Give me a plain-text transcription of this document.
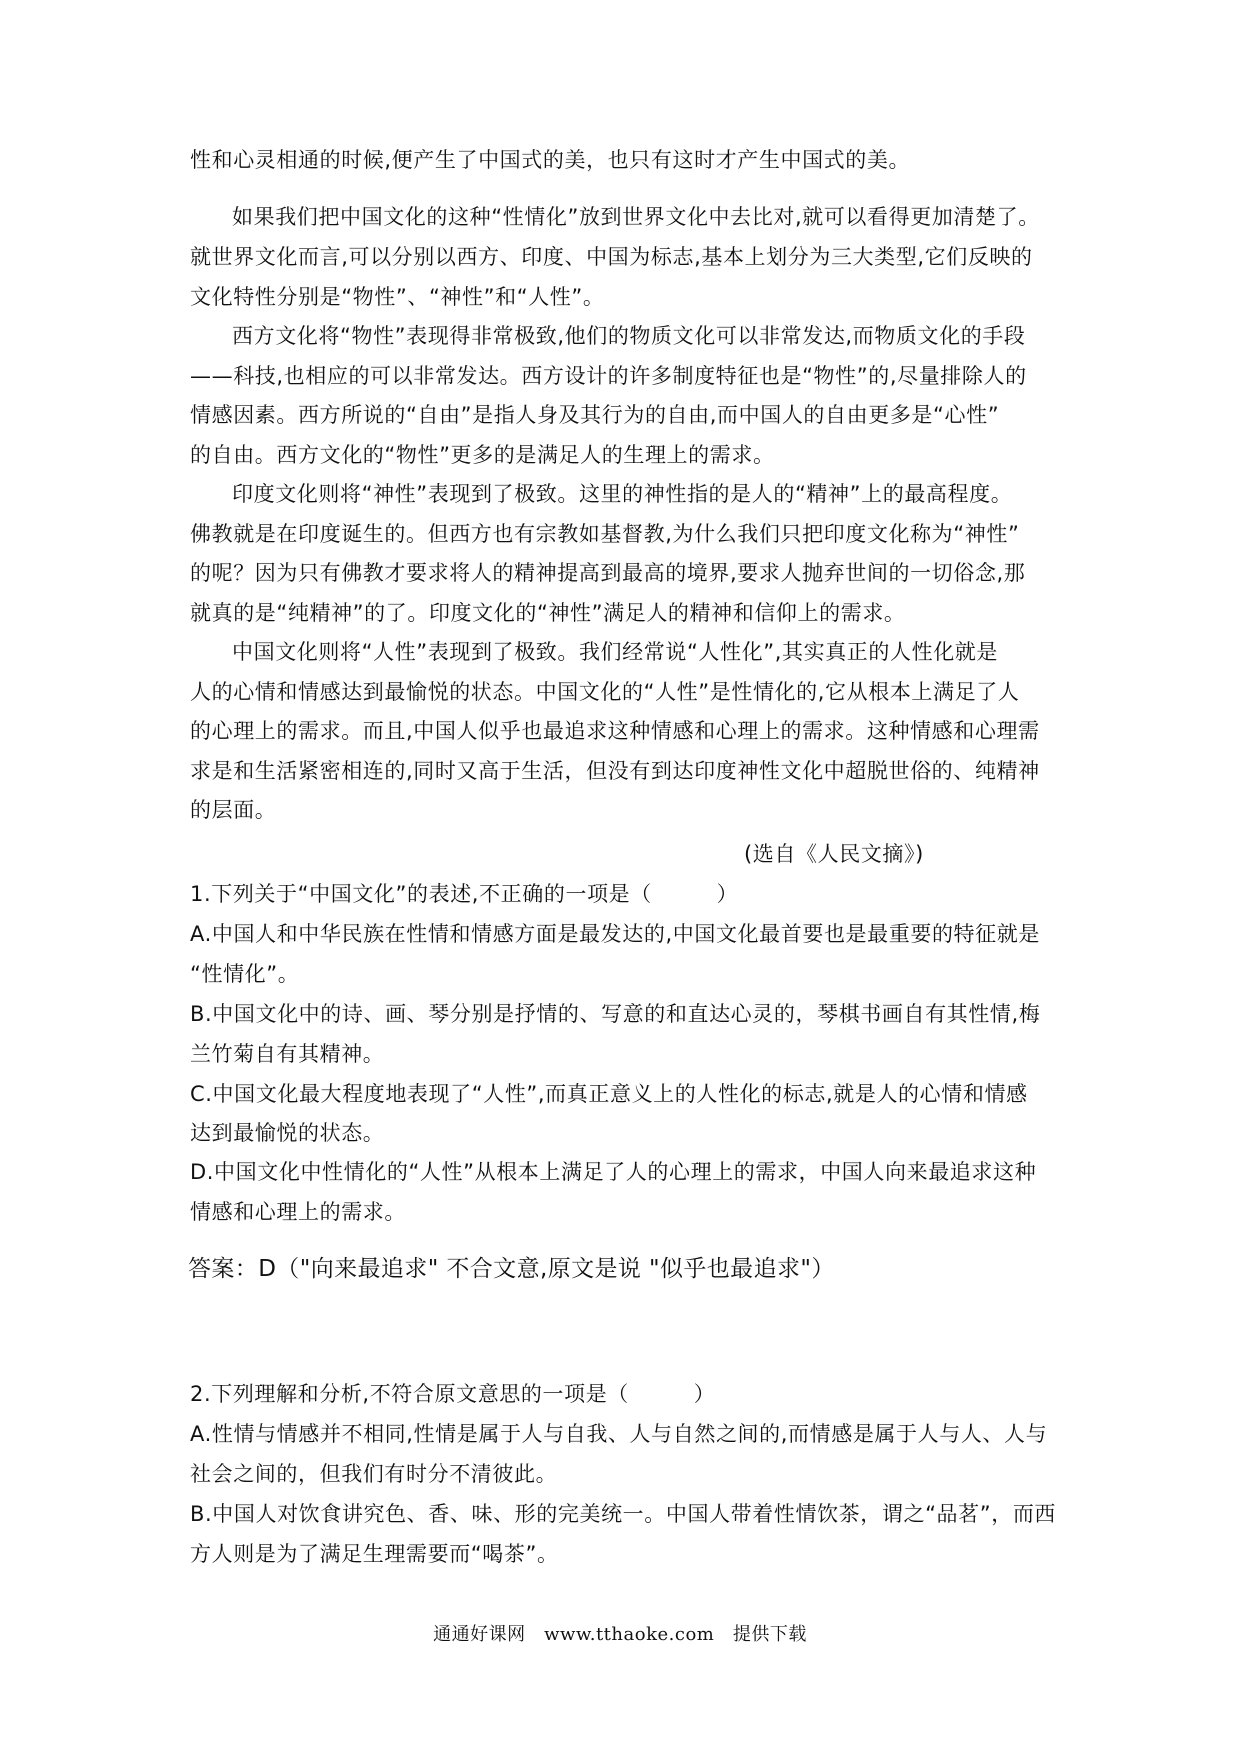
性和心灵相通的时候,便产生了中国式的美，也只有这时才产生中国式的美。
如果我们把中国文化的这种“性情化”放到世界文化中去比对,就可以看得更加清楚了。
就世界文化而言,可以分别以西方、印度、中国为标志,基本上划分为三大类型,它们反映的
文化特性分别是“物性”、“神性”和“人性”。
西方文化将“物性”表现得非常极致,他们的物质文化可以非常发达,而物质文化的手段
——科技,也相应的可以非常发达。西方设计的许多制度特征也是“物性”的,尽量排除人的
情感因素。西方所说的“自由”是指人身及其行为的自由,而中国人的自由更多是“心性”
的自由。西方文化的“物性”更多的是满足人的生理上的需求。
印度文化则将“神性”表现到了极致。这里的神性指的是人的“精神”上的最高程度。
佛教就是在印度诞生的。但西方也有宗教如基督教,为什么我们只把印度文化称为“神性”
的呢？因为只有佛教才要求将人的精神提高到最高的境界,要求人抛弃世间的一切俗念,那
就真的是“纯精神”的了。印度文化的“神性”满足人的精神和信仰上的需求。
中国文化则将“人性”表现到了极致。我们经常说“人性化”,其实真正的人性化就是
人的心情和情感达到最愉悦的状态。中国文化的“人性”是性情化的,它从根本上满足了人
的心理上的需求。而且,中国人似乎也最追求这种情感和心理上的需求。这种情感和心理需
求是和生活紧密相连的,同时又高于生活，但没有到达印度神性文化中超脱世俗的、纯精神
的层面。
(选自《人民文摘》)
1.下列关于“中国文化”的表述,不正确的一项是（　　　）
A.中国人和中华民族在性情和情感方面是最发达的,中国文化最首要也是最重要的特征就是
“性情化”。
B.中国文化中的诗、画、琴分别是抒情的、写意的和直达心灵的，琴棋书画自有其性情,梅
兰竹菊自有其精神。
C.中国文化最大程度地表现了“人性”,而真正意义上的人性化的标志,就是人的心情和情感
达到最愉悦的状态。
D.中国文化中性情化的“人性”从根本上满足了人的心理上的需求，中国人向来最追求这种
情感和心理上的需求。
答案：D（"向来最追求" 不合文意,原文是说 "似乎也最追求"）
2.下列理解和分析,不符合原文意思的一项是（　　　）
A.性情与情感并不相同,性情是属于人与自我、人与自然之间的,而情感是属于人与人、人与
社会之间的，但我们有时分不清彼此。
B.中国人对饮食讲究色、香、味、形的完美统一。中国人带着性情饮茶，谓之“品茗”，而西
方人则是为了满足生理需要而“喝茶”。
通通好课网　www.tthaoke.com　提供下载
